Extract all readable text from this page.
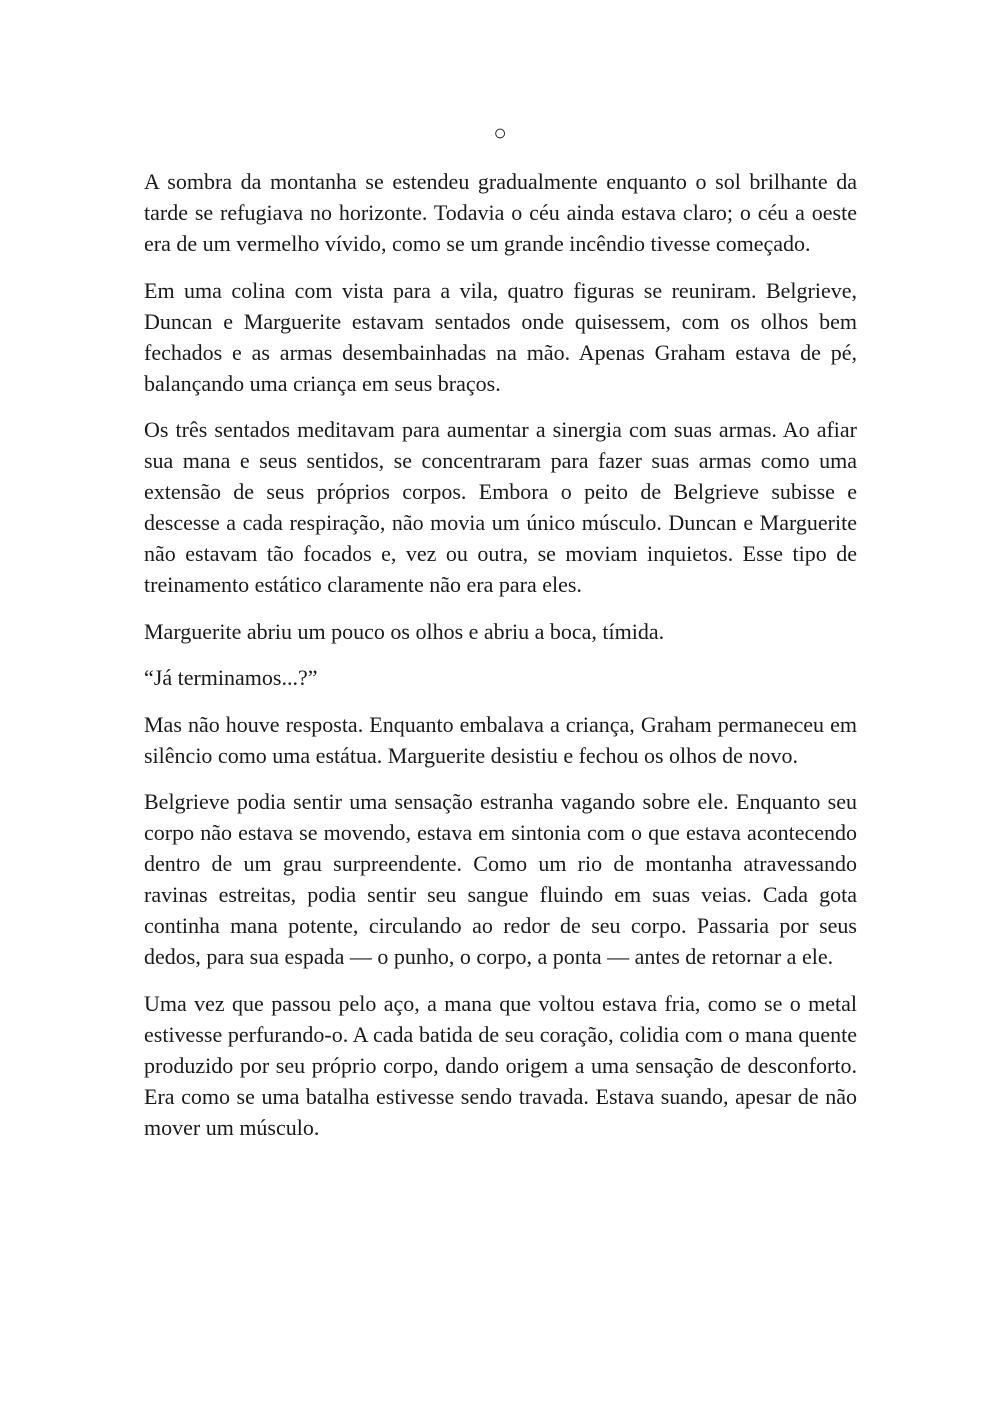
○

A sombra da montanha se estendeu gradualmente enquanto o sol brilhante da tarde se refugiava no horizonte. Todavia o céu ainda estava claro; o céu a oeste era de um vermelho vívido, como se um grande incêndio tivesse começado.

Em uma colina com vista para a vila, quatro figuras se reuniram. Belgrieve, Duncan e Marguerite estavam sentados onde quisessem, com os olhos bem fechados e as armas desembainhadas na mão. Apenas Graham estava de pé, balançando uma criança em seus braços.

Os três sentados meditavam para aumentar a sinergia com suas armas. Ao afiar sua mana e seus sentidos, se concentraram para fazer suas armas como uma extensão de seus próprios corpos. Embora o peito de Belgrieve subisse e descesse a cada respiração, não movia um único músculo. Duncan e Marguerite não estavam tão focados e, vez ou outra, se moviam inquietos. Esse tipo de treinamento estático claramente não era para eles.

Marguerite abriu um pouco os olhos e abriu a boca, tímida.

“Já terminamos...?”

Mas não houve resposta. Enquanto embalava a criança, Graham permaneceu em silêncio como uma estátua. Marguerite desistiu e fechou os olhos de novo.

Belgrieve podia sentir uma sensação estranha vagando sobre ele. Enquanto seu corpo não estava se movendo, estava em sintonia com o que estava acontecendo dentro de um grau surpreendente. Como um rio de montanha atravessando ravinas estreitas, podia sentir seu sangue fluindo em suas veias. Cada gota continha mana potente, circulando ao redor de seu corpo. Passaria por seus dedos, para sua espada — o punho, o corpo, a ponta — antes de retornar a ele.

Uma vez que passou pelo aço, a mana que voltou estava fria, como se o metal estivesse perfurando-o. A cada batida de seu coração, colidia com o mana quente produzido por seu próprio corpo, dando origem a uma sensação de desconforto. Era como se uma batalha estivesse sendo travada. Estava suando, apesar de não mover um músculo.
